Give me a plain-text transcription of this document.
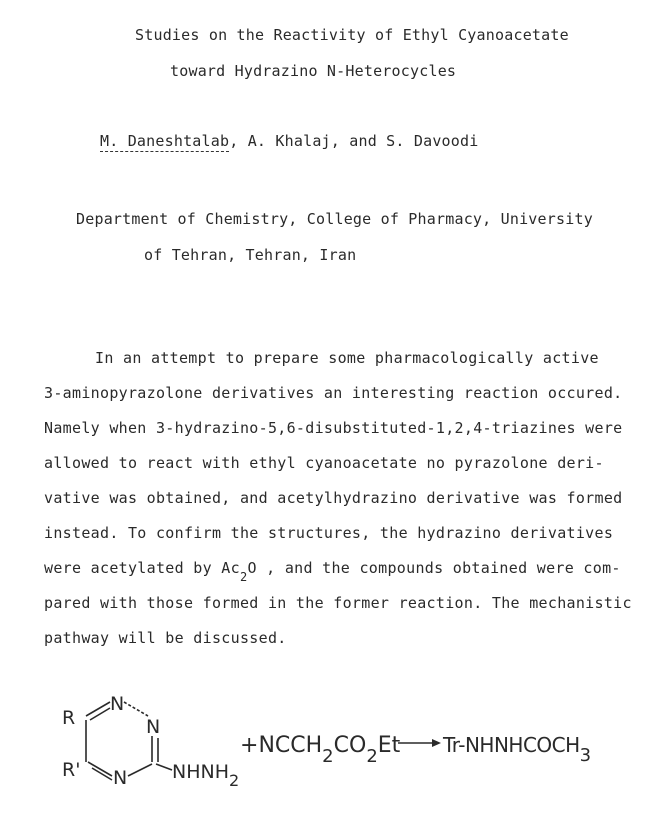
Studies on the Reactivity of Ethyl Cyanoacetate
toward Hydrazino N-Heterocycles
M. Daneshtalab, A. Khalaj, and S. Davoodi
Department of Chemistry, College of Pharmacy, University
of Tehran, Tehran, Iran
In an attempt to prepare some pharmacologically active
3-aminopyrazolone derivatives an interesting reaction occured.
Namely when 3-hydrazino-5,6-disubstituted-1,2,4-triazines were
allowed to react with ethyl cyanoacetate no pyrazolone deri-
vative was obtained, and acetylhydrazino derivative was formed
instead. To confirm the structures, the hydrazino derivatives
were acetylated by $Ac_2O$ , and the compounds obtained were com-
pared with those formed in the former reaction. The mechanistic
pathway will be discussed.
R
R'
N
N
N $NHNH_2$
$+NCCH_2CO_2Et$ Tr-NHNHCOCH3
